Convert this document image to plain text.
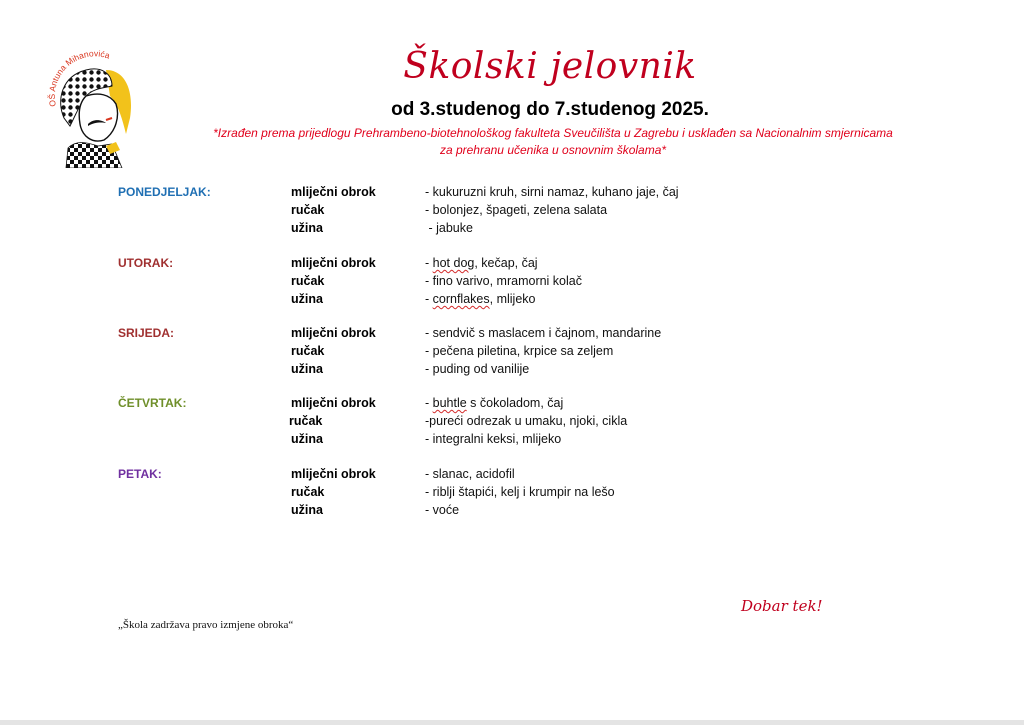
OŠ Antuna Mihanovića	Školski jelovnik
od 3.studenog do 7.studenog 2025.
*Izrađen prema prijedlogu Prehrambeno-biotehnološkog fakulteta Sveučilišta u Zagrebu i usklađen sa Nacionalnim smjernicama
za prehranu učenika u osnovnim školama*
PONEDJELJAK:	mliječni obrok	- kukuruzni kruh, sirni namaz, kuhano jaje, čaj
ručak	- bolonjez, špageti, zelena salata
užina	- jabuke
UTORAK:	mliječni obrok	- hot dog, kečap, čaj
ručak	- fino varivo, mramorni kolač
užina	- cornflakes, mlijeko
SRIJEDA:	mliječni obrok	- sendvič s maslacem i čajnom, mandarine
ručak	- pečena piletina, krpice sa zeljem
užina	- puding od vanilije
ČETVRTAK:	mliječni obrok	- buhtle s čokoladom, čaj
ručak	-pureći odrezak u umaku, njoki, cikla
užina	- integralni keksi, mlijeko
PETAK:	mliječni obrok	- slanac, acidofil
ručak	- riblji štapići, kelj i krumpir na lešo
užina	- voće
Dobar tek!
„Škola zadržava pravo izmjene obroka“
